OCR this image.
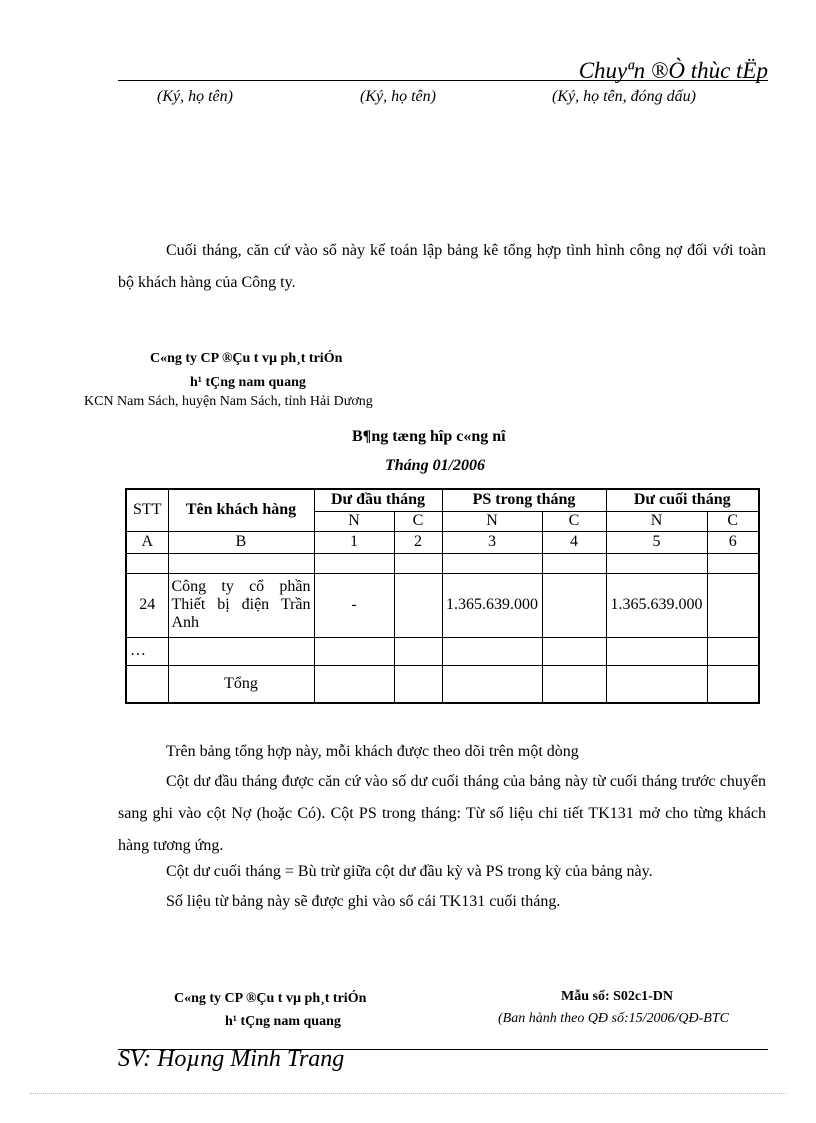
Chuyªn ®Ò thùc tËp
(Ký, họ tên)	(Ký, họ tên)	(Ký, họ tên, đóng dấu)
Cuối tháng, căn cứ vào sổ này kế toán lập bảng kê tổng hợp tình hình công nợ đối với toàn bộ khách hàng của Công ty.
C«ng ty CP ®Çu t vµ ph¸t triÓn
h¹ tÇng nam quang
KCN Nam Sách, huyện Nam Sách, tỉnh Hải Dương
B¶ng tæng hîp c«ng nî
Tháng 01/2006
STT	Tên khách hàng	Dư đầu tháng		PS trong tháng		Dư cuối tháng	
		N	C	N	C	N	C
A	B	1	2	3	4	5	6

24	Công ty cổ phần Thiết bị điện Trần Anh	-		1.365.639.000		1.365.639.000	
…							
	Tổng						
Trên bảng tổng hợp này, mỗi khách được theo dõi trên một dòng
Cột dư đầu tháng được căn cứ vào số dư cuối tháng của bảng này từ cuối tháng trước chuyển sang ghi vào cột Nợ (hoặc Có). Cột PS trong tháng: Từ số liệu chi tiết TK131 mở cho từng khách hàng tương ứng.
Cột dư cuối tháng = Bù trừ giữa cột dư đầu kỳ và PS trong kỳ của bảng này.
Số liệu từ bảng này sẽ được ghi vào sổ cái TK131 cuối tháng.
C«ng ty CP ®Çu t vµ ph¸t triÓn
h¹ tÇng nam quang
Mẫu số: S02c1-DN
(Ban hành theo QĐ số:15/2006/QĐ-BTC
SV: Hoµng Minh Trang
